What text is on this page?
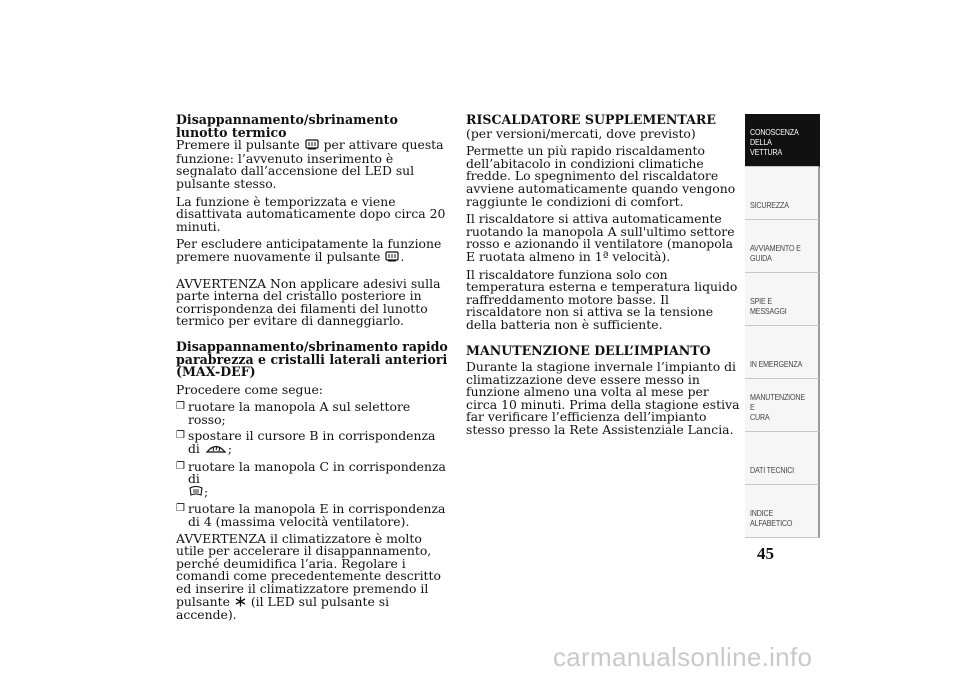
Disappannamento/sbrinamento lunotto termico

Premere il pulsante per attivare questa funzione: l’avvenuto inserimento è segnalato dall’accensione del LED sul pulsante stesso.

La funzione è temporizzata e viene disattivata automaticamente dopo circa 20 minuti.

Per escludere anticipatamente la funzione premere nuovamente il pulsante .

AVVERTENZA Non applicare adesivi sulla parte interna del cristallo posteriore in corrispondenza dei filamenti del lunotto termico per evitare di danneggiarlo.

Disappannamento/sbrinamento rapido parabrezza e cristalli laterali anteriori (MAX-DEF)

Procedere come segue:

❒ ruotare la manopola A sul selettore rosso;
❒ spostare il cursore B in corrispondenza di ;
❒ ruotare la manopola C in corrispondenza di
;
❒ ruotare la manopola E in corrispondenza di 4 (massima velocità ventilatore).

AVVERTENZA il climatizzatore è molto utile per accelerare il disappannamento, perché deumidifica l’aria. Regolare i comandi come precedentemente descritto ed inserire il climatizzatore premendo il pulsante (il LED sul pulsante si accende).

RISCALDATORE SUPPLEMENTARE

(per versioni/mercati, dove previsto)

Permette un più rapido riscaldamento dell’abitacolo in condizioni climatiche fredde. Lo spegnimento del riscaldatore avviene automaticamente quando vengono raggiunte le condizioni di comfort.

Il riscaldatore si attiva automaticamente ruotando la manopola A sull'ultimo settore rosso e azionando il ventilatore (manopola E ruotata almeno in 1ª velocità).

Il riscaldatore funziona solo con temperatura esterna e temperatura liquido raffreddamento motore basse. Il riscaldatore non si attiva se la tensione della batteria non è sufficiente.

MANUTENZIONE DELL’IMPIANTO

Durante la stagione invernale l’impianto di climatizzazione deve essere messo in funzione almeno una volta al mese per circa 10 minuti. Prima della stagione estiva far verificare l’efficienza dell’impianto stesso presso la Rete Assistenziale Lancia.

CONOSCENZA
DELLA VETTURA
SICUREZZA
AVVIAMENTO E
GUIDA
SPIE E MESSAGGI
IN EMERGENZA
MANUTENZIONE E
CURA
DATI TECNICI
INDICE
ALFABETICO
45
carmanualsonline.info
